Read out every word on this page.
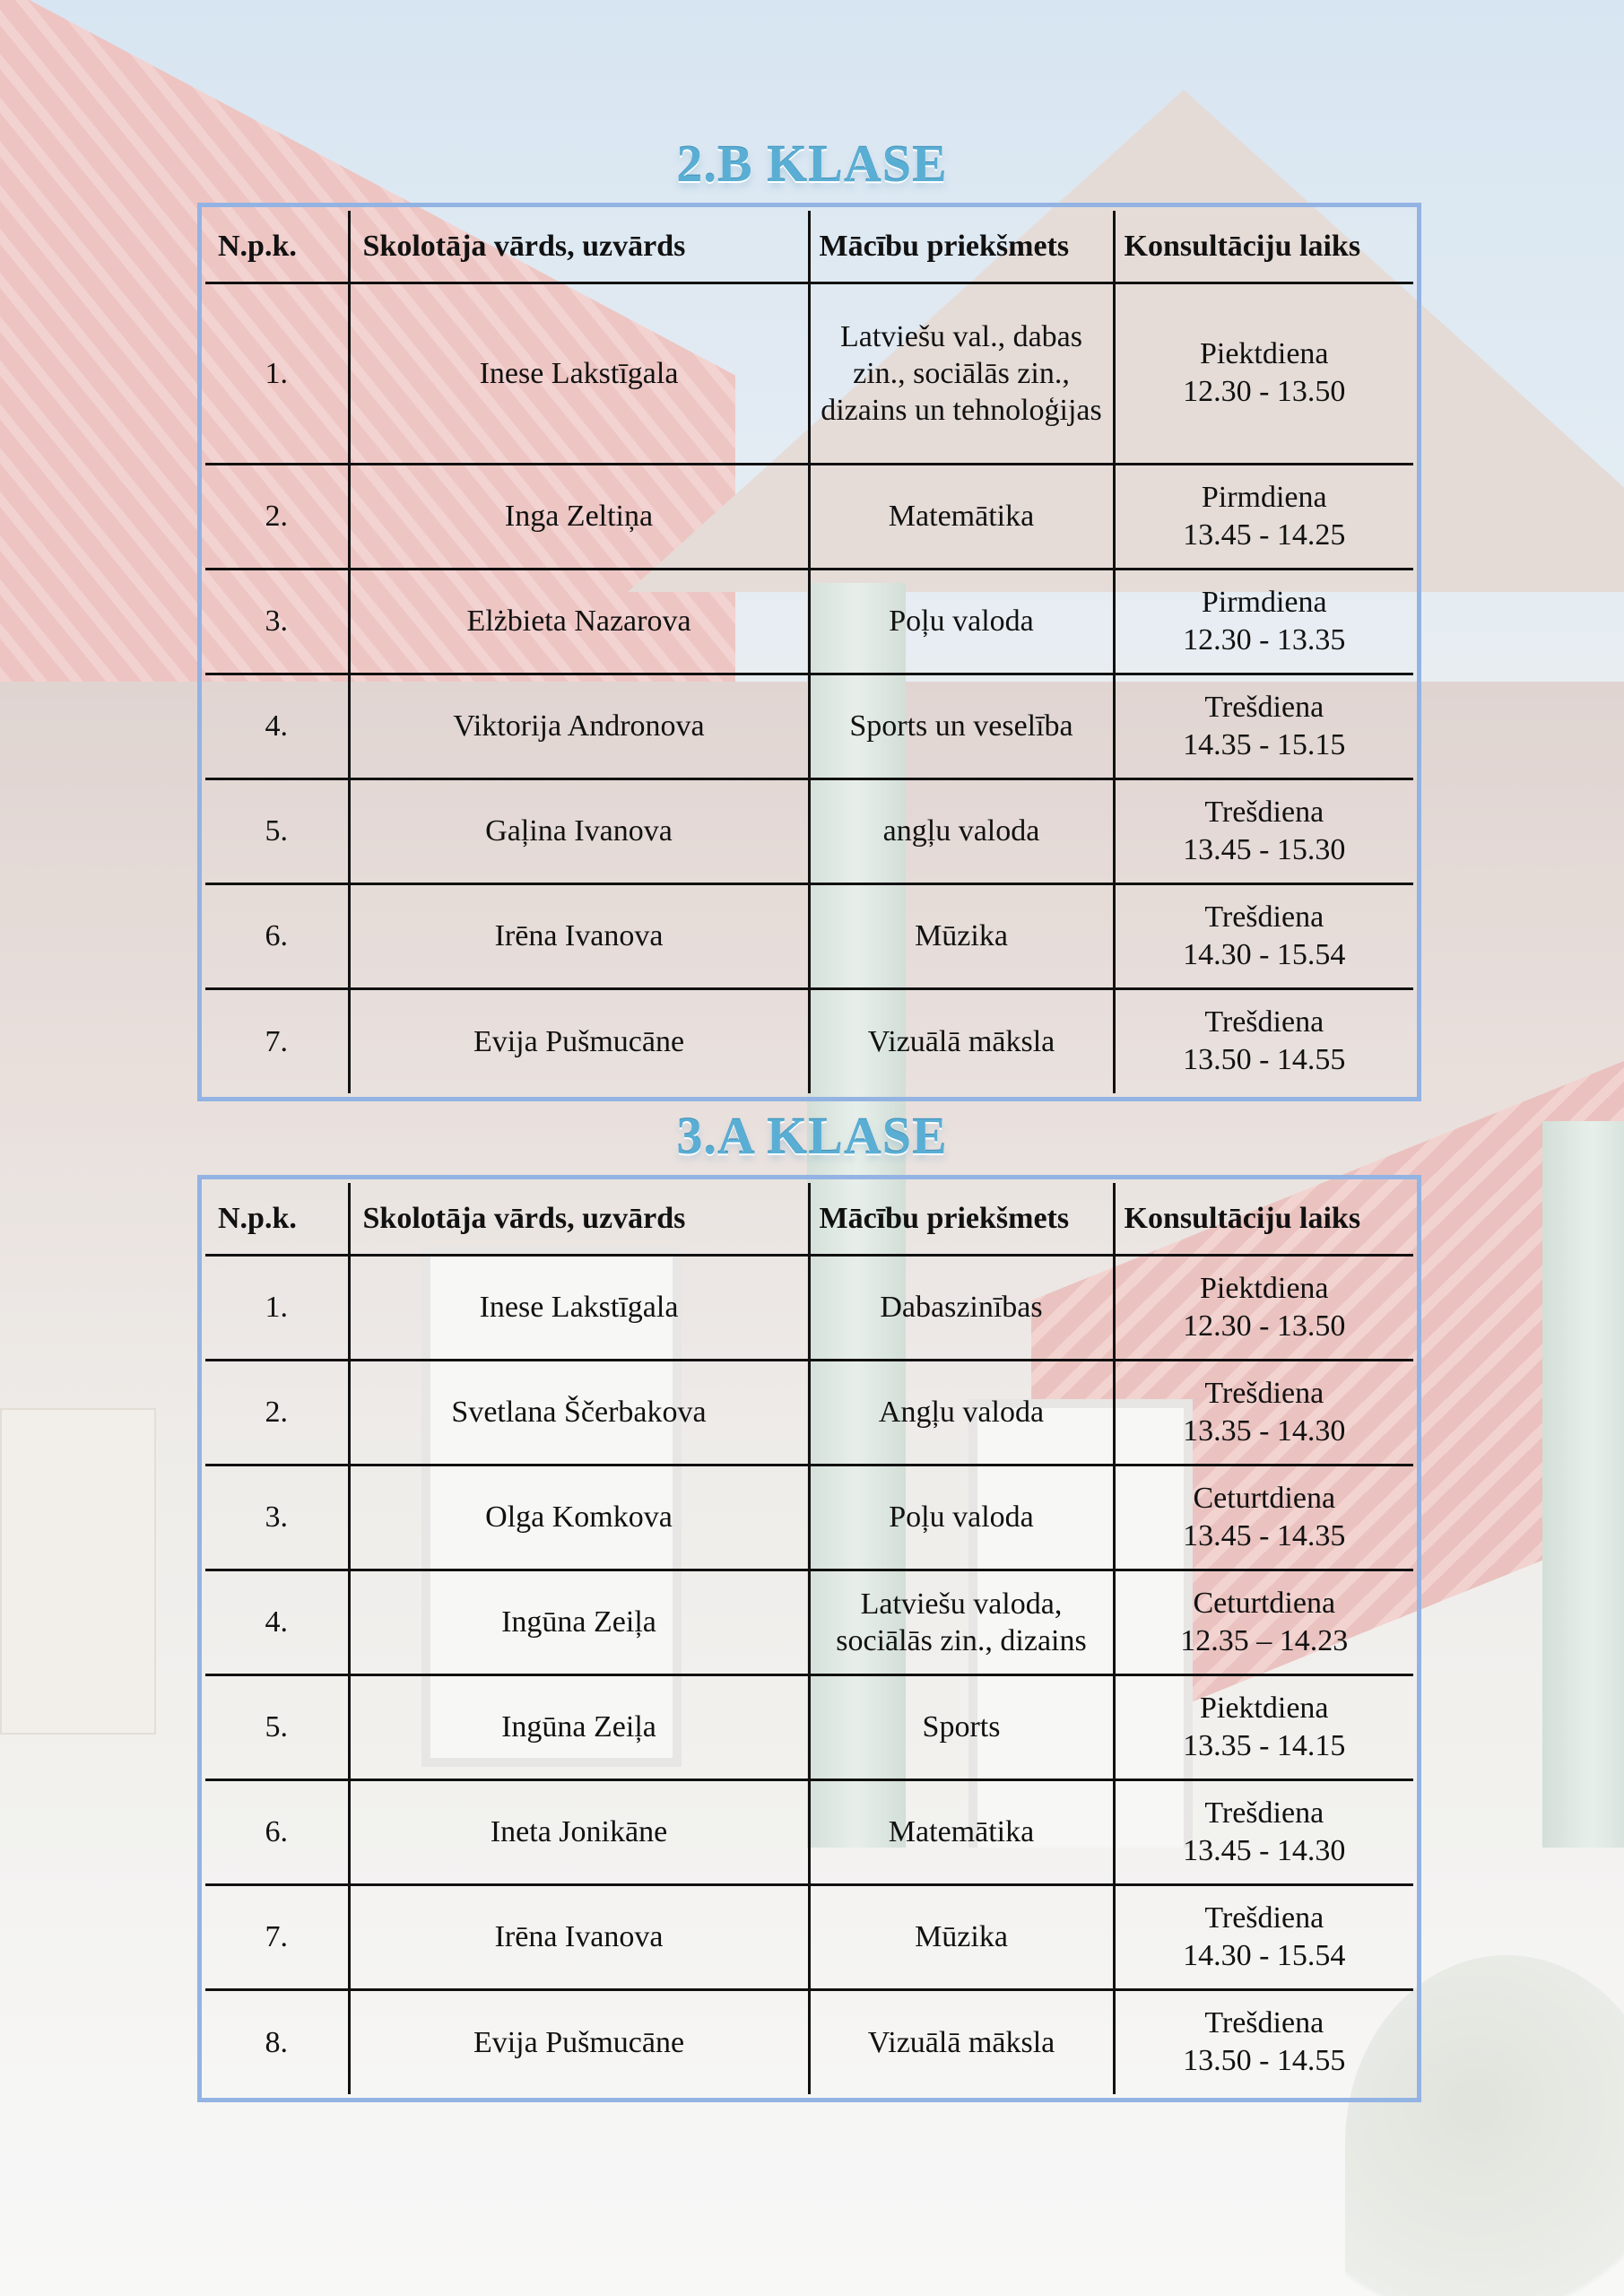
2.B KLASE
N.p.k.	Skolotāja vārds, uzvārds	Mācību priekšmets	Konsultāciju laiks
1.	Inese Lakstīgala	Latviešu val., dabas zin., sociālās zin., dizains un tehnoloģijas	Piektdiena
12.30 - 13.50
2.	Inga Zeltiņa	Matemātika	Pirmdiena
13.45 - 14.25
3.	Elżbieta Nazarova	Poļu valoda	Pirmdiena
12.30 - 13.35
4.	Viktorija Andronova	Sports un veselība	Trešdiena
14.35 - 15.15
5.	Gaļina Ivanova	angļu valoda	Trešdiena
13.45 - 15.30
6.	Irēna Ivanova	Mūzika	Trešdiena
14.30 - 15.54
7.	Evija Pušmucāne	Vizuālā māksla	Trešdiena
13.50 - 14.55
3.A KLASE
N.p.k.	Skolotāja vārds, uzvārds	Mācību priekšmets	Konsultāciju laiks
1.	Inese Lakstīgala	Dabaszinības	Piektdiena
12.30 - 13.50
2.	Svetlana Ščerbakova	Angļu valoda	Trešdiena
13.35 - 14.30
3.	Olga Komkova	Poļu valoda	Ceturtdiena
13.45 - 14.35
4.	Ingūna Zeiļa	Latviešu valoda, sociālās zin., dizains	Ceturtdiena
12.35 – 14.23
5.	Ingūna Zeiļa	Sports	Piektdiena
13.35 - 14.15
6.	Ineta Jonikāne	Matemātika	Trešdiena
13.45 - 14.30
7.	Irēna Ivanova	Mūzika	Trešdiena
14.30 - 15.54
8.	Evija Pušmucāne	Vizuālā māksla	Trešdiena
13.50 - 14.55
